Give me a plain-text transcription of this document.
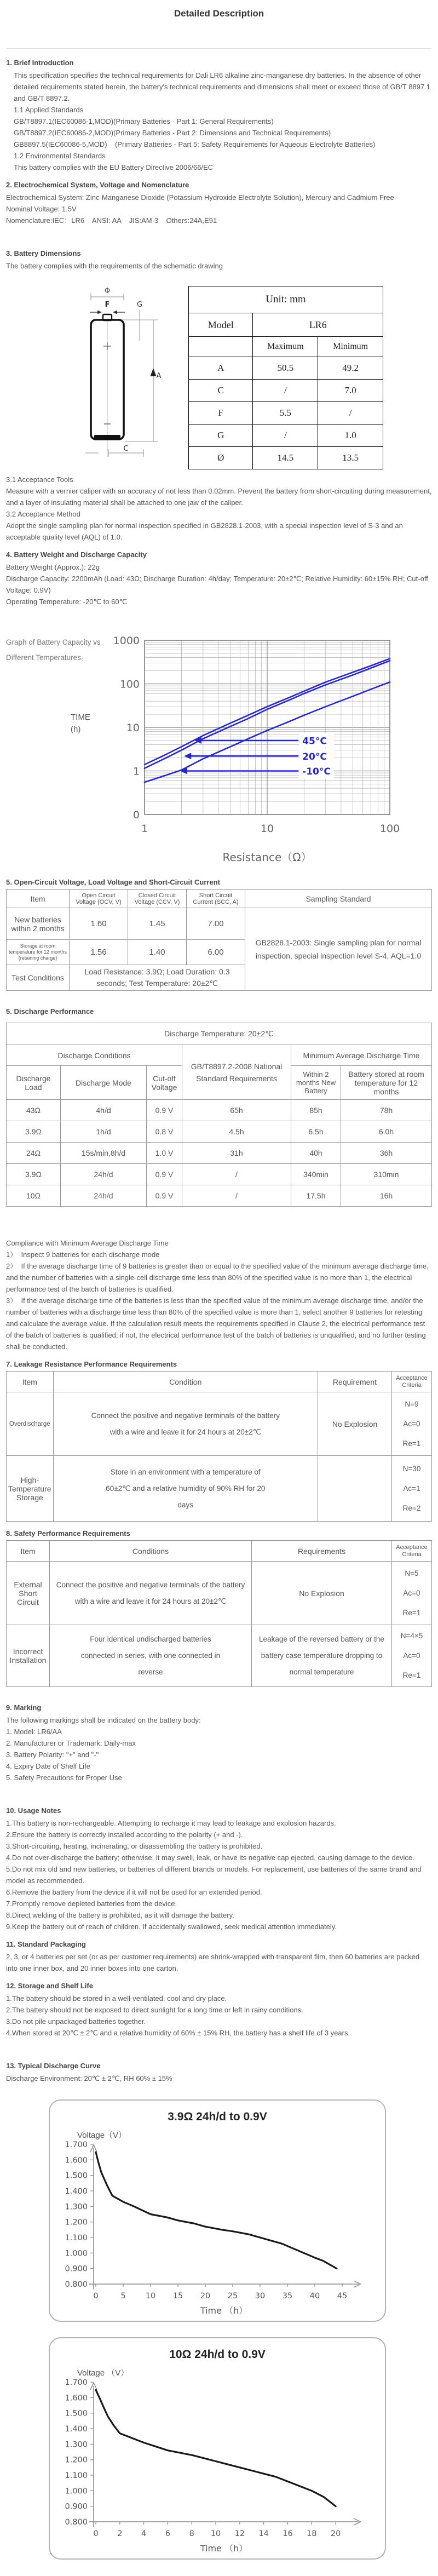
Detailed Description
1. Brief Introduction

This specification specifies the technical requirements for Dali LR6 alkaline zinc-manganese dry batteries. In the absence of other detailed requirements stated herein, the battery's technical requirements and dimensions shall meet or exceed those of GB/T 8897.1 and GB/T 8897.2.

1.1 Applied Standards

GB/T8897.1(IEC60086-1,MOD)(Primary Batteries - Part 1: General Requirements)

GB/T8897.2(IEC60086-2,MOD)(Primary Batteries - Part 2: Dimensions and Technical Requirements)

GB8897.5(IEC60086-5,MOD)    (Primary Batteries - Part 5: Safety Requirements for Aqueous Electrolyte Batteries)

1.2 Environmental Standards

This battery complies with the EU Battery Directive 2006/66/EC

2. Electrochemical System, Voltage and Nomenclature

Electrochemical System: Zinc-Manganese Dioxide (Potassium Hydroxide Electrolyte Solution), Mercury and Cadmium Free

Nominal Voltage: 1.5V

Nomenclature:IEC：LR6    ANSI: AA    JIS:AM-3    Others:24A,E91

3. Battery Dimensions

The battery complies with the requirements of the schematic drawing

Φ
F	G
A
C
Unit: mm		
Model	LR6	
	Maximum	Minimum
A	50.5	49.2
C	/	7.0
F	5.5	/
G	/	1.0
Ø	14.5	13.5

3.1 Acceptance Tools

Measure with a vernier caliper with an accuracy of not less than 0.02mm. Prevent the battery from short-circuiting during measurement, and a layer of insulating material shall be attached to one jaw of the caliper.

3.2 Acceptance Method

Adopt the single sampling plan for normal inspection specified in GB2828.1-2003, with a special inspection level of S-3 and an acceptable quality level (AQL) of 1.0.

4. Battery Weight and Discharge Capacity

Battery Weight (Approx.): 22g

Discharge Capacity: 2200mAh (Load: 43Ω; Discharge Duration: 4h/day; Temperature: 20±2℃; Relative Humidity: 60±15% RH; Cut-off Voltage: 0.9V)

Operating Temperature: -20℃ to 60℃

Graph of Battery Capacity vs

Different Temperatures。

TIME
(h)
1000
100
10
1
0
1	10	100
45°C
20°C
-10°C
Resistance（Ω）
5. Open-Circuit Voltage, Load Voltage and Short-Circuit Current
Item	Open Circuit Voltage (OCV, V)	Closed Circuit Voltage (CCV, V)	Short Circuit Current (SCC, A)	Sampling Standard
New batteries within 2 months	1.60	1.45	7.00	GB2828.1-2003: Single sampling plan for normal inspection, special inspection level S-4, AQL=1.0
Storage at room temperature for 12 months (retaining charge)	1.56	1.40	6.00	
Test Conditions	Load Resistance: 3.9Ω; Load Duration: 0.3 seconds; Test Temperature: 20±2℃			
5. Discharge Performance
Discharge Temperature: 20±2℃					
Discharge Conditions			GB/T8897.2-2008 National Standard Requirements	Minimum Average Discharge Time	
Discharge Load	Discharge Mode	Cut-off Voltage		Within 2 months New Battery	Battery stored at room temperature for 12 months
43Ω	4h/d	0.9 V	65h	85h	78h
3.9Ω	1h/d	0.8 V	4.5h	6.5h	6.0h
24Ω	15s/min,8h/d	1.0 V	31h	40h	36h
3.9Ω	24h/d	0.9 V	/	340min	310min
10Ω	24h/d	0.9 V	/	17.5h	16h

Compliance with Minimum Average Discharge Time

1）  Inspect 9 batteries for each discharge mode

2）  If the average discharge time of 9 batteries is greater than or equal to the specified value of the minimum average discharge time, and the number of batteries with a single-cell discharge time less than 80% of the specified value is no more than 1, the electrical performance test of the batch of batteries is qualified.

3）  If the average discharge time of the batteries is less than the specified value of the minimum average discharge time, and/or the number of batteries with a discharge time less than 80% of the specified value is more than 1, select another 9 batteries for retesting and calculate the average value. If the calculation result meets the requirements specified in Clause 2, the electrical performance test of the batch of batteries is qualified; if not, the electrical performance test of the batch of batteries is unqualified, and no further testing shall be conducted.

7. Leakage Resistance Performance Requirements
Item	Condition	Requirement	Acceptance Criteria
Overdischarge	Connect the positive and negative terminals of the battery with a wire and leave it for 24 hours at 20±2℃	No Explosion	N=9
Ac=0
Re=1

High-Temperature Storage	Store in an environment with a temperature of 60±2℃ and a relative humidity of 90% RH for 20 days		N=30
Ac=1
Re=2
8. Safety Performance Requirements
Item	Conditions	Requirements	Acceptance Criteria
External Short Circuit	Connect the positive and negative terminals of the battery with a wire and leave it for 24 hours at 20±2℃	No Explosion	N=5
Ac=0
Re=1

Incorrect Installation	Four identical undischarged batteries connected in series, with one connected in reverse	Leakage of the reversed battery or the battery case temperature dropping to normal temperature	N=4×5
Ac=0
Re=1
9. Marking

The following markings shall be indicated on the battery body:

1. Model: LR6/AA

2. Manufacturer or Trademark: Daily-max

3. Battery Polarity: "+" and "-"

4. Expiry Date of Shelf Life

5. Safety Precautions for Proper Use

10. Usage Notes

1.This battery is non-rechargeable. Attempting to recharge it may lead to leakage and explosion hazards.

2.Ensure the battery is correctly installed according to the polarity (+ and -).

3.Short-circuiting, heating, incinerating, or disassembling the battery is prohibited.

4.Do not over-discharge the battery; otherwise, it may swell, leak, or have its negative cap ejected, causing damage to the device.

5.Do not mix old and new batteries, or batteries of different brands or models. For replacement, use batteries of the same brand and model as recommended.

6.Remove the battery from the device if it will not be used for an extended period.

7.Promptly remove depleted batteries from the device.

8.Direct welding of the battery is prohibited, as it will damage the battery.

9.Keep the battery out of reach of children. If accidentally swallowed, seek medical attention immediately.

11. Standard Packaging

2, 3, or 4 batteries per set (or as per customer requirements) are shrink-wrapped with transparent film, then 60 batteries are packed into one inner box, and 20 inner boxes into one carton.

12. Storage and Shelf Life

1.The battery should be stored in a well-ventilated, cool and dry place.

2.The battery should not be exposed to direct sunlight for a long time or left in rainy conditions.

3.Do not pile unpackaged batteries together.

4.When stored at 20℃ ± 2℃ and a relative humidity of 60% ± 15% RH, the battery has a shelf life of 3 years.

13. Typical Discharge Curve

Discharge Environment: 20℃ ± 2℃, RH 60% ± 15%

3.9Ω 24h/d to 0.9V
Voltage（V）
1.700
1.600
1.500
1.400
1.300
1.200
1.100
1.000
0.900
0.800
0	5 10 15 20 25 30 35 40 45
Time （h）
10Ω 24h/d to 0.9V
Voltage （V）
1.700
1.600
1.500
1.400
1.300
1.200
1.100
1.000
0.900
0.800
0 2 4 6 8 10 12 14 16 18 20
Time （h）
